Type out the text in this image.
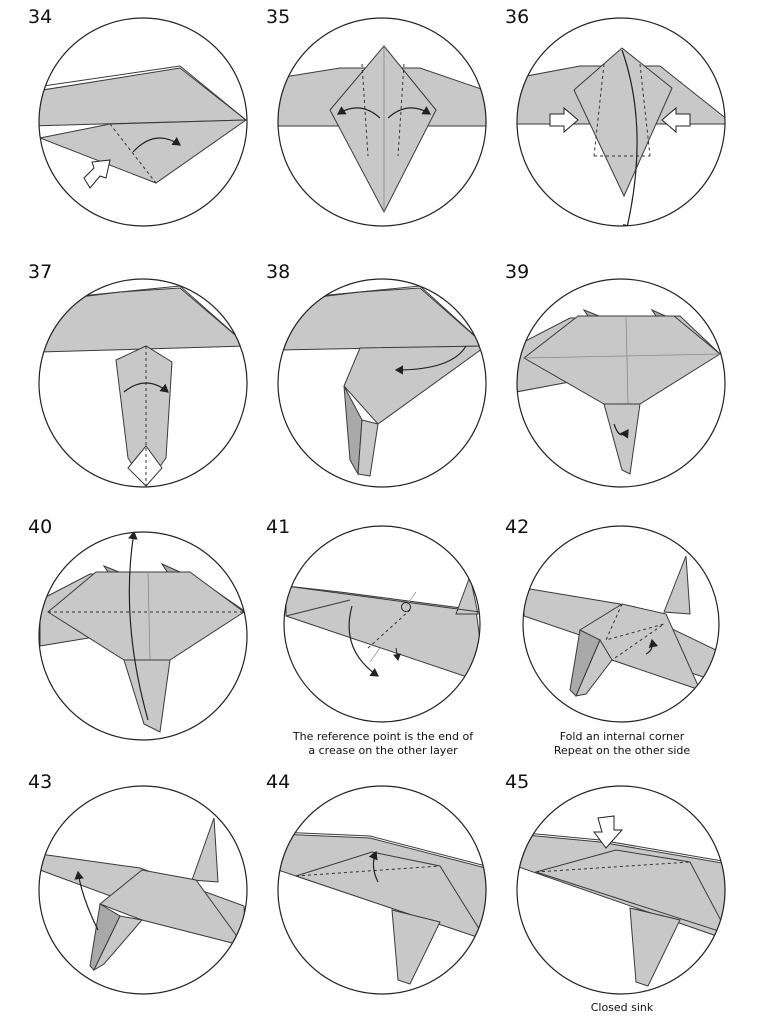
34	35	36
37	38	39
40	41	42
43	44	45
The reference point is the end of
a crease on the other layer
Fold an internal corner
Repeat on the other side
Closed sink
